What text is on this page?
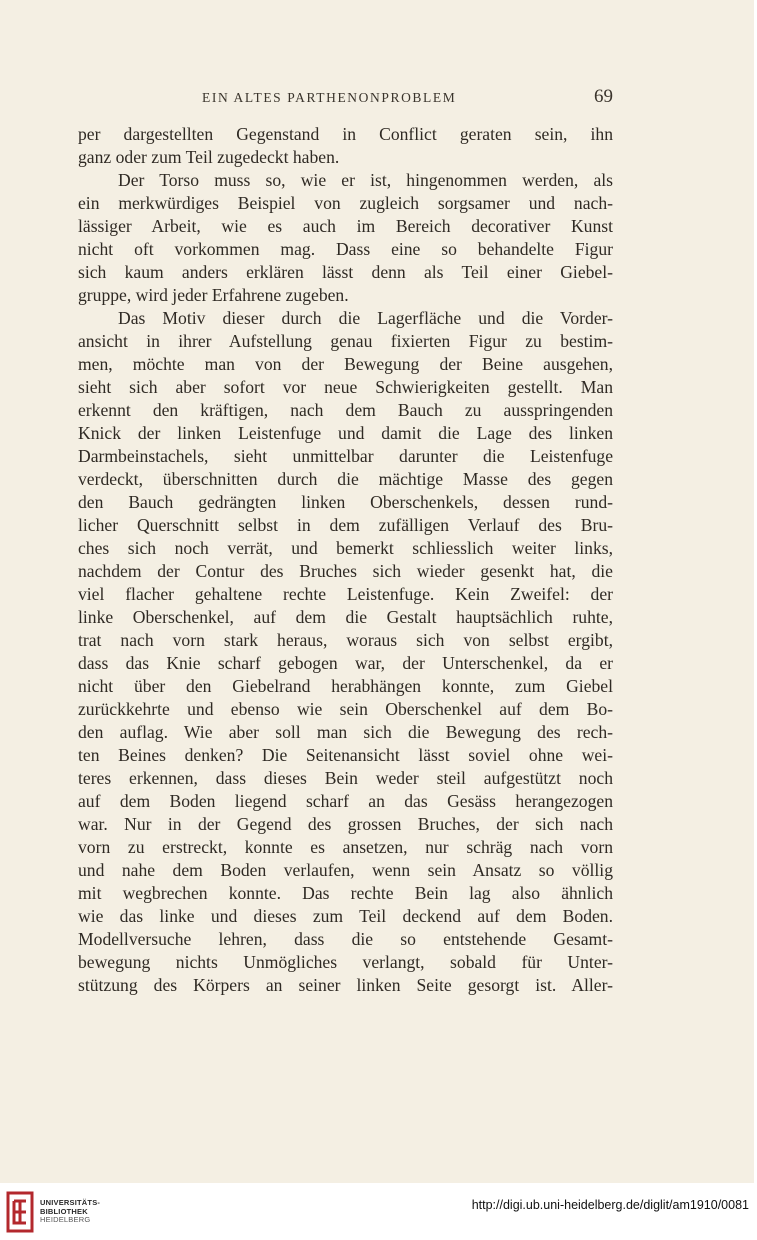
EIN ALTES PARTHENONPROBLEM	69
per dargestellten Gegenstand in Conflict geraten sein, ihn
ganz oder zum Teil zugedeckt haben.
Der Torso muss so, wie er ist, hingenommen werden, als
ein merkwürdiges Beispiel von zugleich sorgsamer und nach-
lässiger Arbeit, wie es auch im Bereich decorativer Kunst
nicht oft vorkommen mag. Dass eine so behandelte Figur
sich kaum anders erklären lässt denn als Teil einer Giebel-
gruppe, wird jeder Erfahrene zugeben.
Das Motiv dieser durch die Lagerfläche und die Vorder-
ansicht in ihrer Aufstellung genau fixierten Figur zu bestim-
men, möchte man von der Bewegung der Beine ausgehen,
sieht sich aber sofort vor neue Schwierigkeiten gestellt. Man
erkennt den kräftigen, nach dem Bauch zu ausspringenden
Knick der linken Leistenfuge und damit die Lage des linken
Darmbeinstachels, sieht unmittelbar darunter die Leistenfuge
verdeckt, überschnitten durch die mächtige Masse des gegen
den Bauch gedrängten linken Oberschenkels, dessen rund-
licher Querschnitt selbst in dem zufälligen Verlauf des Bru-
ches sich noch verrät, und bemerkt schliesslich weiter links,
nachdem der Contur des Bruches sich wieder gesenkt hat, die
viel flacher gehaltene rechte Leistenfuge. Kein Zweifel: der
linke Oberschenkel, auf dem die Gestalt hauptsächlich ruhte,
trat nach vorn stark heraus, woraus sich von selbst ergibt,
dass das Knie scharf gebogen war, der Unterschenkel, da er
nicht über den Giebelrand herabhängen konnte, zum Giebel
zurückkehrte und ebenso wie sein Oberschenkel auf dem Bo-
den auflag. Wie aber soll man sich die Bewegung des rech-
ten Beines denken? Die Seitenansicht lässt soviel ohne wei-
teres erkennen, dass dieses Bein weder steil aufgestützt noch
auf dem Boden liegend scharf an das Gesäss herangezogen
war. Nur in der Gegend des grossen Bruches, der sich nach
vorn zu erstreckt, konnte es ansetzen, nur schräg nach vorn
und nahe dem Boden verlaufen, wenn sein Ansatz so völlig
mit wegbrechen konnte. Das rechte Bein lag also ähnlich
wie das linke und dieses zum Teil deckend auf dem Boden.
Modellversuche lehren, dass die so entstehende Gesamt-
bewegung nichts Unmögliches verlangt, sobald für Unter-
stützung des Körpers an seiner linken Seite gesorgt ist. Aller-
UNIVERSITÄTS-
BIBLIOTHEK
HEIDELBERG
http://digi.ub.uni-heidelberg.de/diglit/am1910/0081
